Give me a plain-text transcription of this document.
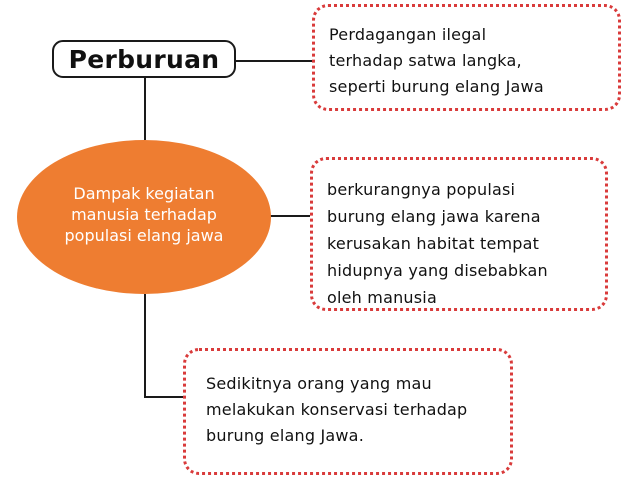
Perburuan
Dampak kegiatan
manusia terhadap
populasi elang jawa
Perdagangan ilegal
terhadap satwa langka,
seperti burung elang Jawa
berkurangnya populasi
burung elang jawa karena
kerusakan habitat tempat
hidupnya yang disebabkan
oleh manusia
Sedikitnya orang yang mau
melakukan konservasi terhadap
burung elang Jawa.
